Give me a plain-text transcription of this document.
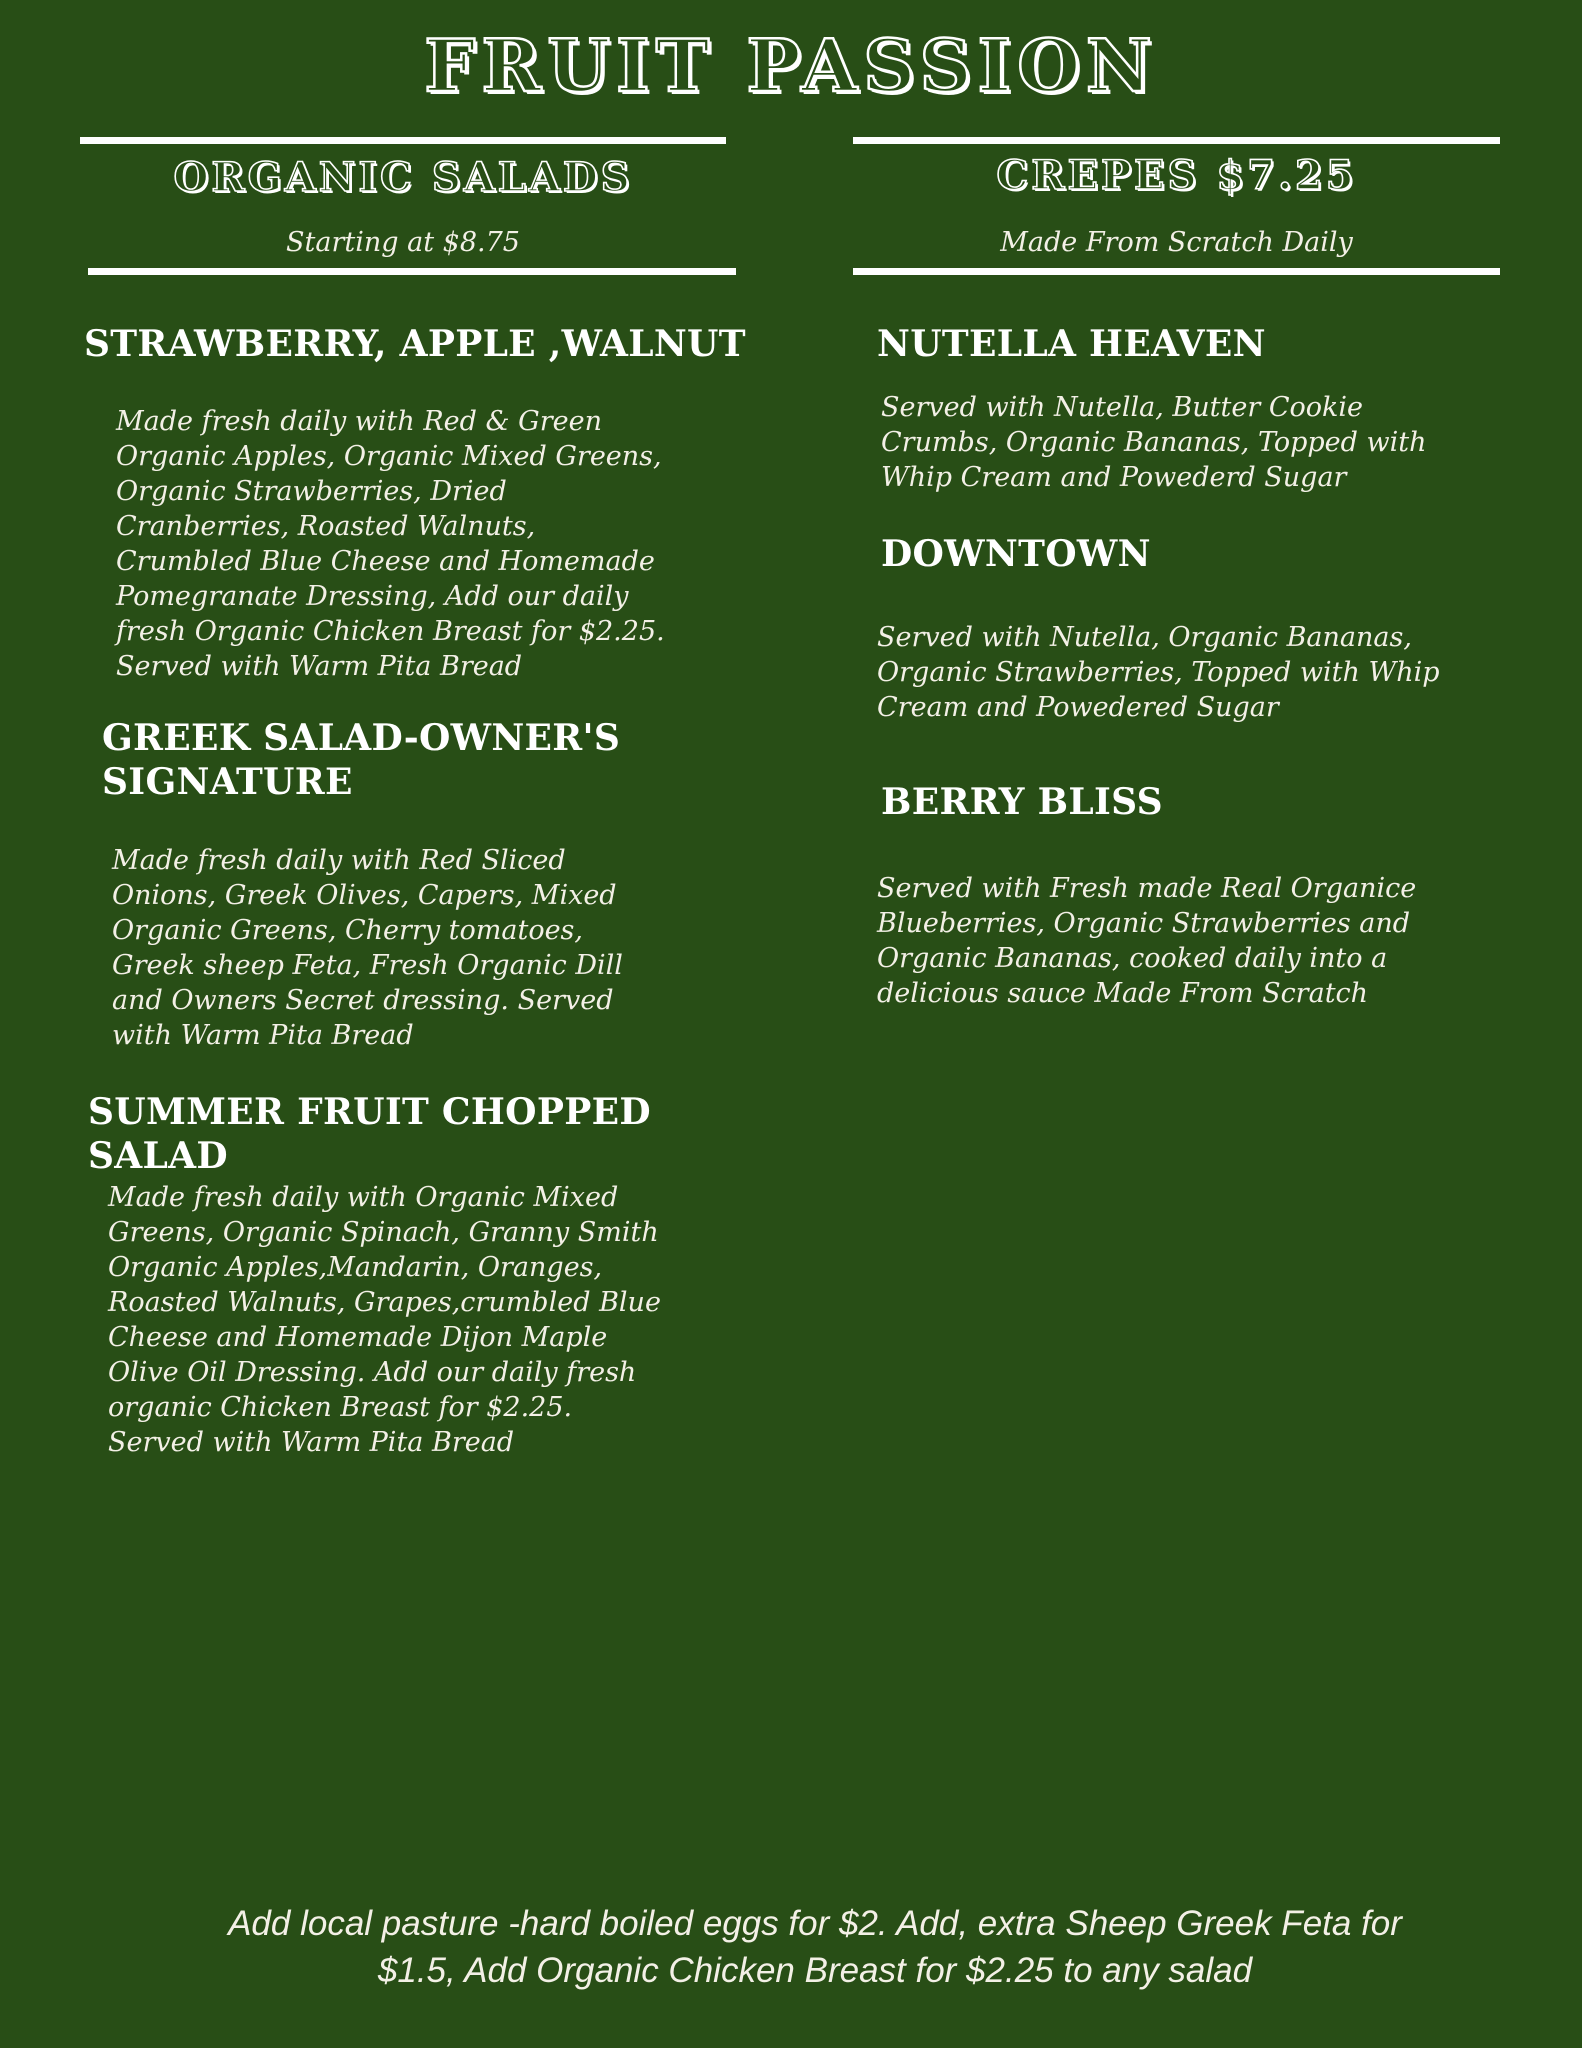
FRUIT PASSION
ORGANIC SALADS
Starting at $8.75
STRAWBERRY, APPLE ,WALNUT
Made fresh daily with Red & Green Organic Apples, Organic Mixed Greens, Organic Strawberries, Dried Cranberries, Roasted Walnuts, Crumbled Blue Cheese and Homemade Pomegranate Dressing, Add our daily fresh Organic Chicken Breast for $2.25. Served with Warm Pita Bread
GREEK SALAD-OWNER'S SIGNATURE
Made fresh daily with Red Sliced Onions, Greek Olives, Capers, Mixed Organic Greens, Cherry tomatoes, Greek sheep Feta, Fresh Organic Dill and Owners Secret dressing. Served with Warm Pita Bread
SUMMER FRUIT CHOPPED SALAD
Made fresh daily with Organic Mixed Greens, Organic Spinach, Granny Smith Organic Apples,Mandarin, Oranges, Roasted Walnuts, Grapes,crumbled Blue Cheese and Homemade Dijon Maple Olive Oil Dressing. Add our daily fresh organic Chicken Breast for $2.25. Served with Warm Pita Bread
CREPES $7.25
Made From Scratch Daily
NUTELLA HEAVEN
Served with Nutella, Butter Cookie Crumbs, Organic Bananas, Topped with Whip Cream and Powederd Sugar
DOWNTOWN
Served with Nutella, Organic Bananas, Organic Strawberries, Topped with Whip Cream and Powedered Sugar
BERRY BLISS
Served with Fresh made Real Organice Blueberries, Organic Strawberries and Organic Bananas, cooked daily into a delicious sauce Made From Scratch
Add local pasture -hard boiled eggs for $2. Add, extra Sheep Greek Feta for $1.5, Add Organic Chicken Breast for $2.25 to any salad
